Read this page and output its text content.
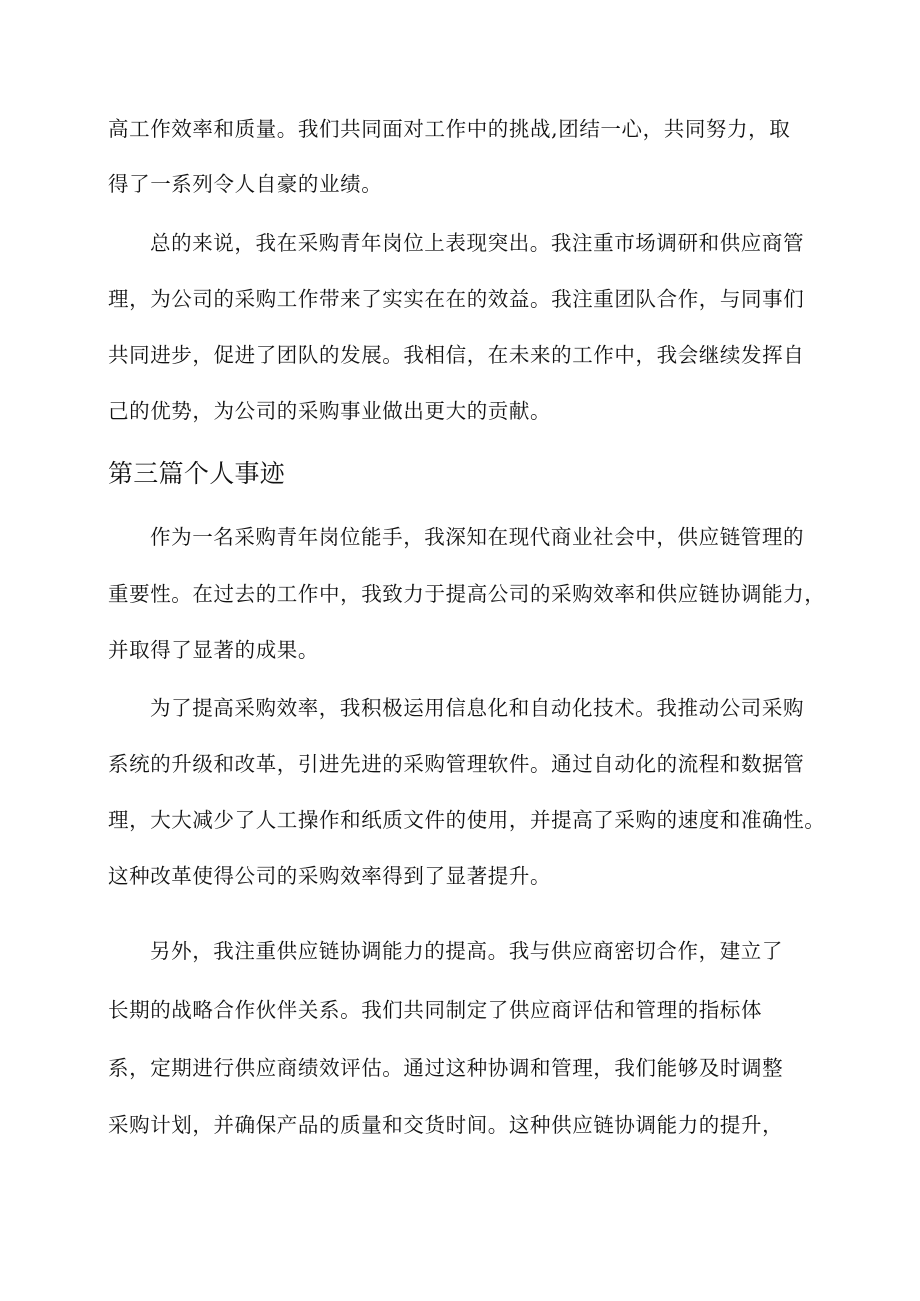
高工作效率和质量。我们共同面对工作中的挑战,团结一心，共同努力，取
得了一系列令人自豪的业绩。
总的来说，我在采购青年岗位上表现突出。我注重市场调研和供应商管
理，为公司的采购工作带来了实实在在的效益。我注重团队合作，与同事们
共同进步，促进了团队的发展。我相信，在未来的工作中，我会继续发挥自
己的优势，为公司的采购事业做出更大的贡献。
第三篇个人事迹
作为一名采购青年岗位能手，我深知在现代商业社会中，供应链管理的
重要性。在过去的工作中，我致力于提高公司的采购效率和供应链协调能力，
并取得了显著的成果。
为了提高采购效率，我积极运用信息化和自动化技术。我推动公司采购
系统的升级和改革，引进先进的采购管理软件。通过自动化的流程和数据管
理，大大减少了人工操作和纸质文件的使用，并提高了采购的速度和准确性。
这种改革使得公司的采购效率得到了显著提升。
另外，我注重供应链协调能力的提高。我与供应商密切合作，建立了
长期的战略合作伙伴关系。我们共同制定了供应商评估和管理的指标体
系，定期进行供应商绩效评估。通过这种协调和管理，我们能够及时调整
采购计划，并确保产品的质量和交货时间。这种供应链协调能力的提升，
